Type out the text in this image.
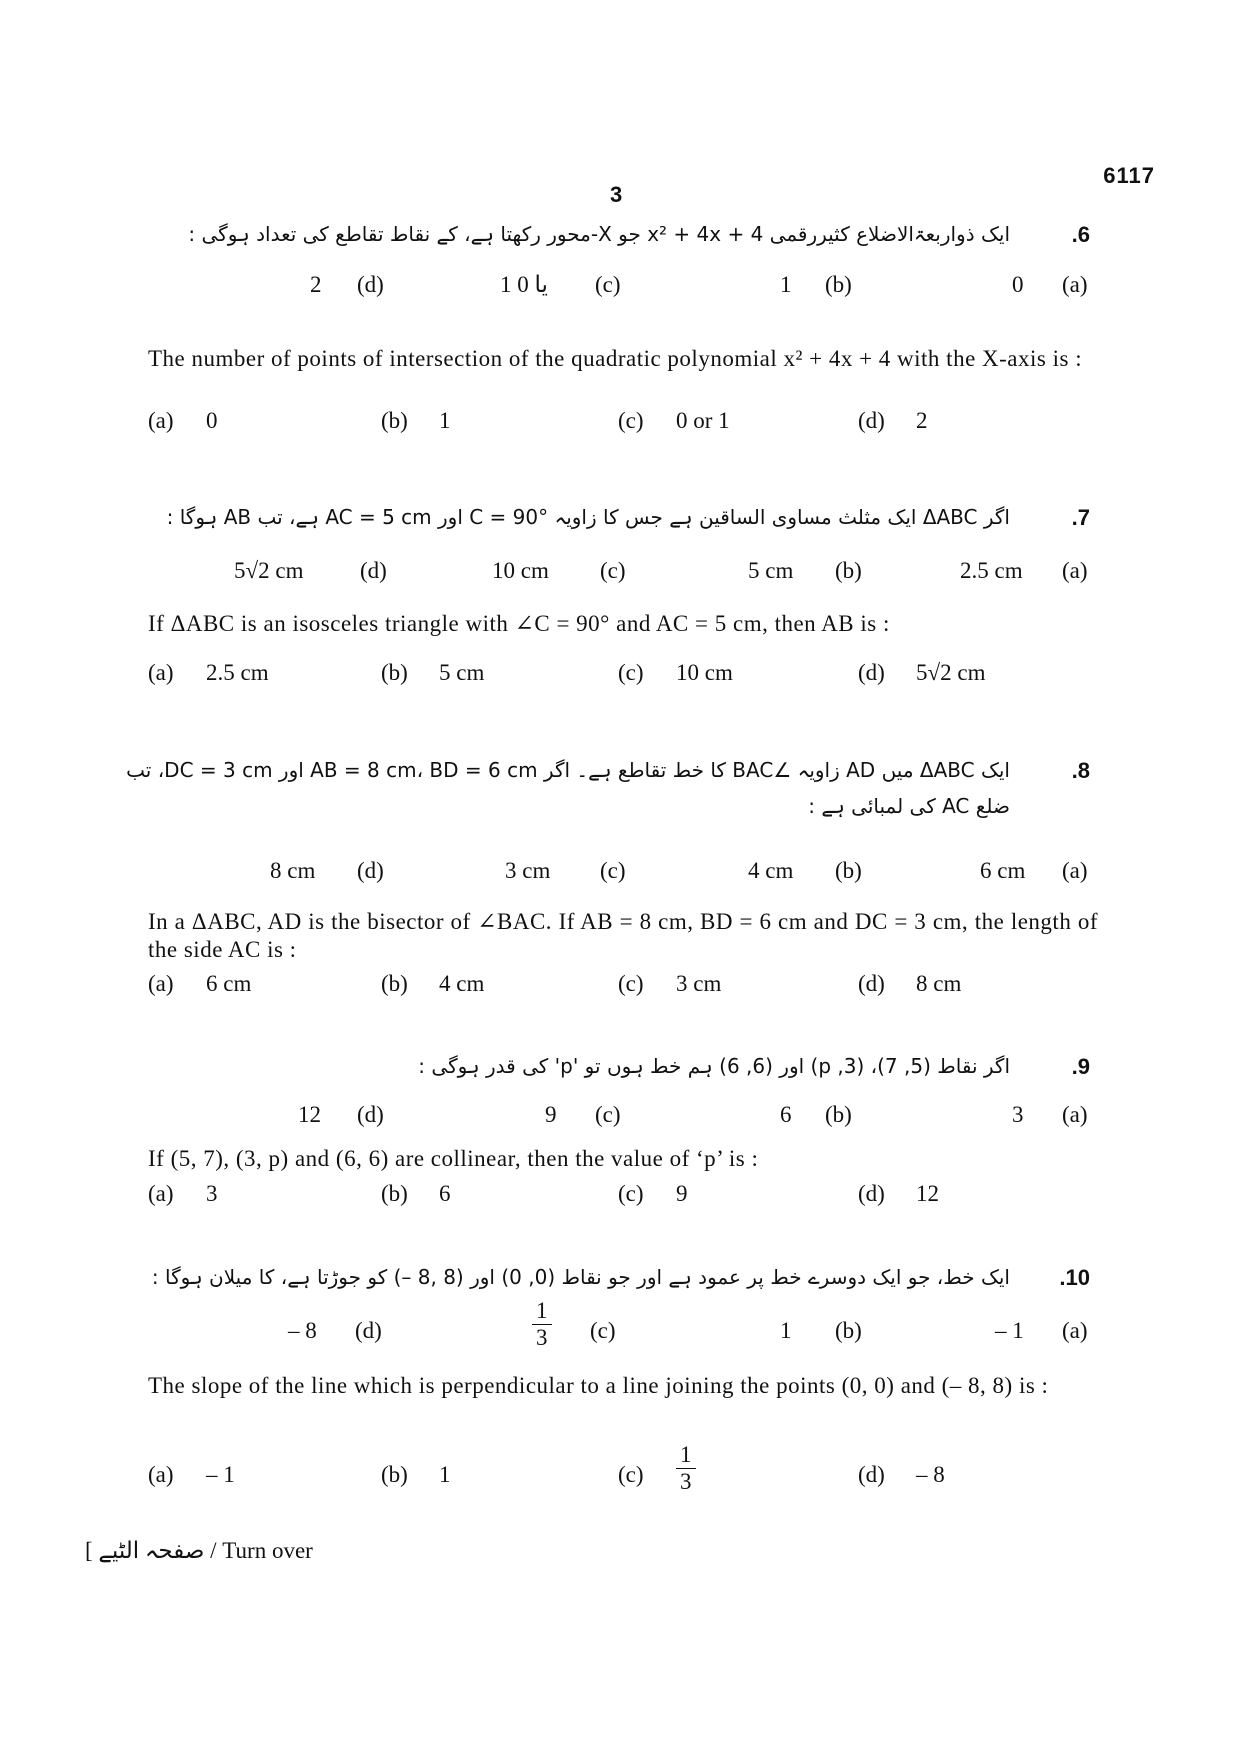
6117
3
.6
ایک ذواربعۃالاضلاع کثیررقمی x² + 4x + 4 جو X-محور رکھتا ہے، کے نقاط تقاطع کی تعداد ہوگی :
(a)
0
(b)
1
(c)
1 یا 0
(d)
2
The number of points of intersection of the quadratic polynomial x² + 4x + 4 with the X-axis is :
(a) 0	(b) 1	(c) 0 or 1	(d) 2
.7
اگر ΔABC ایک مثلث مساوی الساقین ہے جس کا زاویہ C = 90° اور AC = 5 cm ہے، تب AB ہوگا :
(a)
2.5 cm
(b)
5 cm
(c)
10 cm
(d)
5√2 cm
If ΔABC is an isosceles triangle with ∠C = 90° and AC = 5 cm, then AB is :
(a) 2.5 cm	(b) 5 cm	(c) 10 cm	(d) 5√2 cm
.8
ایک ΔABC میں AD زاویہ ∠BAC کا خط تقاطع ہے۔ اگر AB = 8 cm، BD = 6 cm اور DC = 3 cm، تب ضلع AC کی لمبائی ہے :
(a)
6 cm
(b)
4 cm
(c)
3 cm
(d)
8 cm
In a ΔABC, AD is the bisector of ∠BAC. If AB = 8 cm, BD = 6 cm and DC = 3 cm, the length of the side AC is :
(a) 6 cm	(b) 4 cm	(c) 3 cm	(d) 8 cm
.9
اگر نقاط (5, 7)، (3, p) اور (6, 6) ہم خط ہوں تو 'p' کی قدر ہوگی :
(a)
3
(b)
6
(c)
9
(d)
12
If (5, 7), (3, p) and (6, 6) are collinear, then the value of ‘p’ is :
(a) 3	(b) 6	(c) 9	(d) 12
.10
ایک خط، جو ایک دوسرے خط پر عمود ہے اور جو نقاط (0, 0) اور (8 ,8 –) کو جوڑتا ہے، کا میلان ہوگا :
(a)
– 1
(b)
1
(c)
$\frac{1}{3}$
(d)
– 8
The slope of the line which is perpendicular to a line joining the points (0, 0) and (– 8, 8) is :
(a) – 1	(b) 1	$(c) \frac{1}{3}$	(d) – 8
[ صفحہ الٹیے / Turn over
